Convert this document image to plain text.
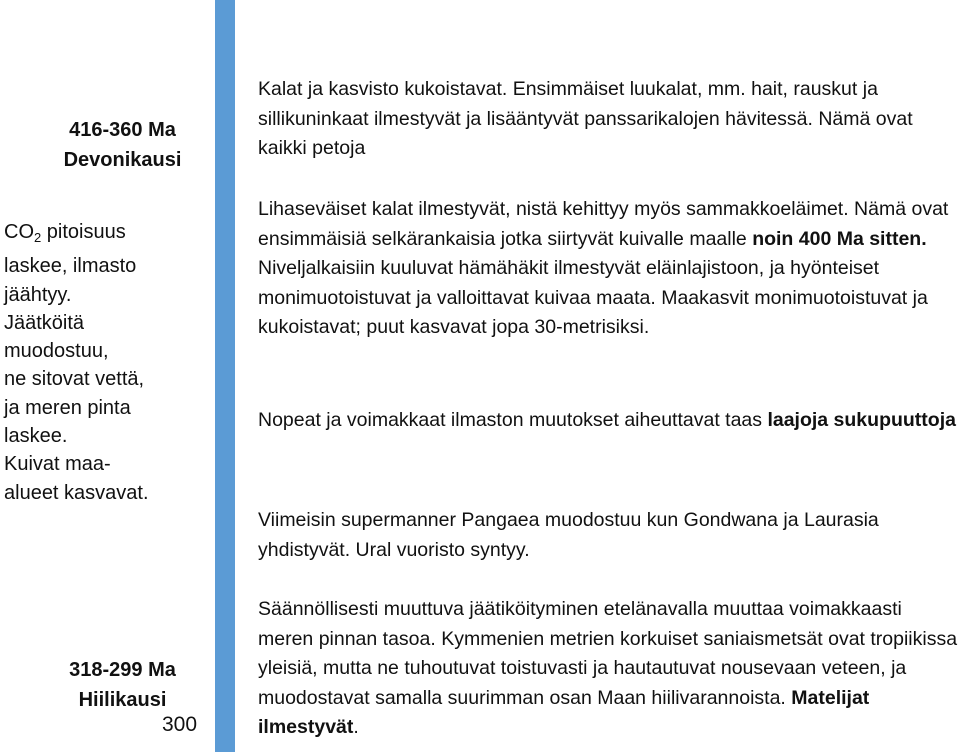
416-360 Ma
Devonikausi
$CO_2$ pitoisuus
laskee, ilmasto
jäähtyy.
Jäätköitä
muodostuu,
ne sitovat vettä,
ja meren pinta
laskee.
Kuivat maa-
alueet kasvavat.
318-299 Ma
Hiilikausi
300

Kalat ja kasvisto kukoistavat. Ensimmäiset luukalat, mm. hait, rauskut ja sillikuninkaat ilmestyvät ja lisääntyvät panssarikalojen hävitessä. Nämä ovat kaikki petoja

Lihaseväiset kalat ilmestyvät, nistä kehittyy myös sammakkoeläimet. Nämä ovat ensimmäisiä selkärankaisia jotka siirtyvät kuivalle maalle noin 400 Ma sitten. Niveljalkaisiin kuuluvat hämähäkit ilmestyvät eläinlajistoon, ja hyönteiset monimuotoistuvat ja valloittavat kuivaa maata. Maakasvit monimuotoistuvat ja kukoistavat; puut kasvavat jopa 30-metrisiksi.

Nopeat ja voimakkaat ilmaston muutokset aiheuttavat taas laajoja sukupuuttoja

Viimeisin supermanner Pangaea muodostuu kun Gondwana ja Laurasia yhdistyvät. Ural vuoristo syntyy.

Säännöllisesti muuttuva jäätiköityminen etelänavalla muuttaa voimakkaasti meren pinnan tasoa. Kymmenien metrien korkuiset saniaismetsät ovat tropiikissa yleisiä, mutta ne tuhoutuvat toistuvasti ja hautautuvat nousevaan veteen, ja muodostavat samalla suurimman osan Maan hiilivarannoista. Matelijat ilmestyvät.
